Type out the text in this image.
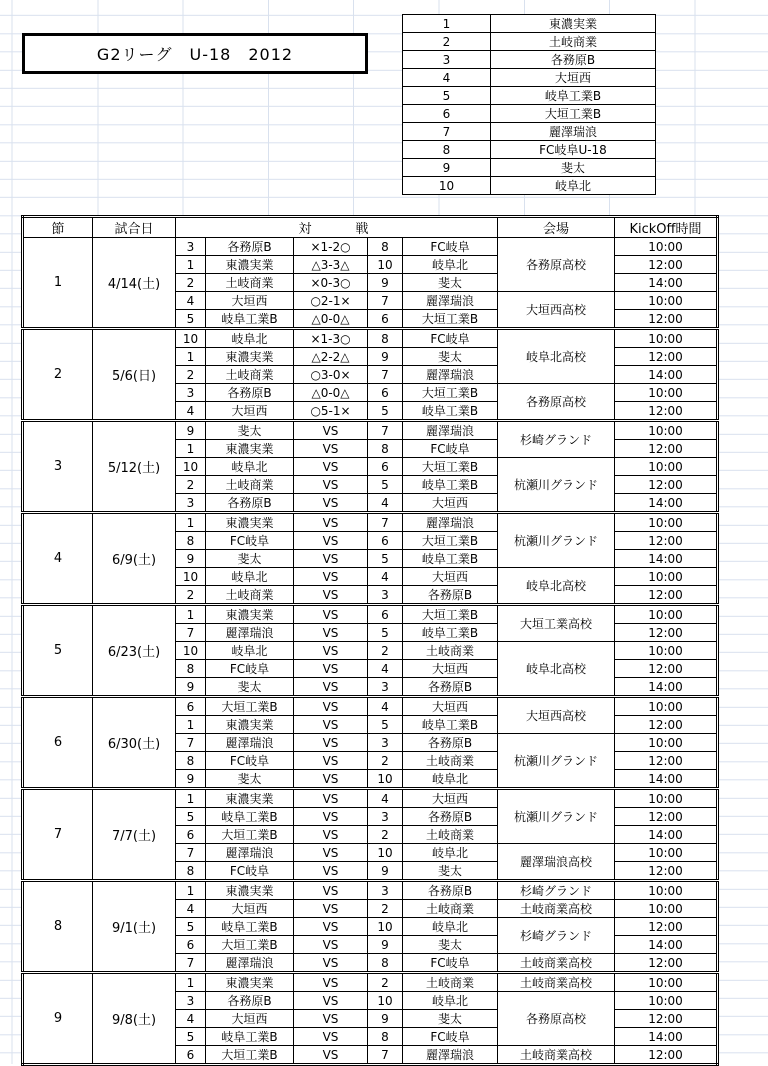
G2リーグ　U-18　2012
1	東濃実業
2	土岐商業
3	各務原B
4	大垣西
5	岐阜工業B
6	大垣工業B
7	麗澤瑞浪
8	FC岐阜U-18
9	斐太
10	岐阜北
節	試合日	対　　戦					会場	KickOff時間
1	4/14(土)	3	各務原B	×1-2○	8	FC岐阜	各務原高校	10:00
		1	東濃実業	△3-3△	10	岐阜北		12:00
		2	土岐商業	×0-3○	9	斐太		14:00
		4	大垣西	○2-1×	7	麗澤瑞浪	大垣西高校	10:00
		5	岐阜工業B	△0-0△	6	大垣工業B		12:00
2	5/6(日)	10	岐阜北	×1-3○	8	FC岐阜	岐阜北高校	10:00
		1	東濃実業	△2-2△	9	斐太		12:00
		2	土岐商業	○3-0×	7	麗澤瑞浪		14:00
		3	各務原B	△0-0△	6	大垣工業B	各務原高校	10:00
		4	大垣西	○5-1×	5	岐阜工業B		12:00
3	5/12(土)	9	斐太	VS	7	麗澤瑞浪	杉崎グランド	10:00
		1	東濃実業	VS	8	FC岐阜		12:00
		10	岐阜北	VS	6	大垣工業B	杭瀬川グランド	10:00
		2	土岐商業	VS	5	岐阜工業B		12:00
		3	各務原B	VS	4	大垣西		14:00
4	6/9(土)	1	東濃実業	VS	7	麗澤瑞浪	杭瀬川グランド	10:00
		8	FC岐阜	VS	6	大垣工業B		12:00
		9	斐太	VS	5	岐阜工業B		14:00
		10	岐阜北	VS	4	大垣西	岐阜北高校	10:00
		2	土岐商業	VS	3	各務原B		12:00
5	6/23(土)	1	東濃実業	VS	6	大垣工業B	大垣工業高校	10:00
		7	麗澤瑞浪	VS	5	岐阜工業B		12:00
		10	岐阜北	VS	2	土岐商業	岐阜北高校	10:00
		8	FC岐阜	VS	4	大垣西		12:00
		9	斐太	VS	3	各務原B		14:00
6	6/30(土)	6	大垣工業B	VS	4	大垣西	大垣西高校	10:00
		1	東濃実業	VS	5	岐阜工業B		12:00
		7	麗澤瑞浪	VS	3	各務原B	杭瀬川グランド	10:00
		8	FC岐阜	VS	2	土岐商業		12:00
		9	斐太	VS	10	岐阜北		14:00
7	7/7(土)	1	東濃実業	VS	4	大垣西	杭瀬川グランド	10:00
		5	岐阜工業B	VS	3	各務原B		12:00
		6	大垣工業B	VS	2	土岐商業		14:00
		7	麗澤瑞浪	VS	10	岐阜北	麗澤瑞浪高校	10:00
		8	FC岐阜	VS	9	斐太		12:00
8	9/1(土)	1	東濃実業	VS	3	各務原B	杉崎グランド	10:00
		4	大垣西	VS	2	土岐商業	土岐商業高校	10:00
		5	岐阜工業B	VS	10	岐阜北	杉崎グランド	12:00
		6	大垣工業B	VS	9	斐太		14:00
		7	麗澤瑞浪	VS	8	FC岐阜	土岐商業高校	12:00
9	9/8(土)	1	東濃実業	VS	2	土岐商業	土岐商業高校	10:00
		3	各務原B	VS	10	岐阜北	各務原高校	10:00
		4	大垣西	VS	9	斐太		12:00
		5	岐阜工業B	VS	8	FC岐阜		14:00
		6	大垣工業B	VS	7	麗澤瑞浪	土岐商業高校	12:00
